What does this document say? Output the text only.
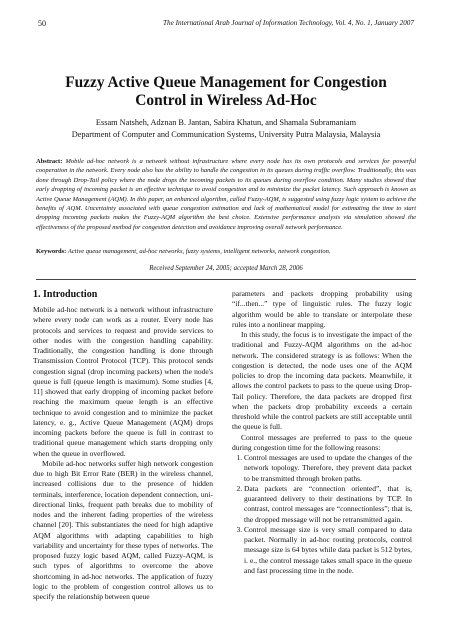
50	The International Arab Journal of Information Technology, Vol. 4, No. 1, January 2007
Fuzzy Active Queue Management for Congestion
Control in Wireless Ad-Hoc
Essam Natsheh, Adznan B. Jantan, Sabira Khatun, and Shamala Subramaniam
Department of Computer and Communication Systems, University Putra Malaysia, Malaysia
Abstract: Mobile ad-hoc network is a network without infrastructure where every node has its own protocols and services for powerful cooperation in the network. Every node also has the ability to handle the congestion in its queues during traffic overflow. Traditionally, this was done through Drop-Tail policy where the node drops the incoming packets to its queues during overflow condition. Many studies showed that early dropping of incoming packet is an effective technique to avoid congestion and to minimize the packet latency. Such approach is known as Active Queue Management (AQM). In this paper, an enhanced algorithm, called Fuzzy-AQM, is suggested using fuzzy logic system to achieve the benefits of AQM. Uncertainty associated with queue congestion estimation and lack of mathematical model for estimating the time to start dropping incoming packets makes the Fuzzy-AQM algorithm the best choice. Extensive performance analysis via simulation showed the effectiveness of the proposed method for congestion detection and avoidance improving overall network performance.
Keywords: Active queue management, ad-hoc networks, fuzzy systems, intelligent networks, network congestion.
Received September 24, 2005; accepted March 28, 2006
1. Introduction

Mobile ad-hoc network is a network without infrastructure where every node can work as a router. Every node has protocols and services to request and provide services to other nodes with the congestion handling capability. Traditionally, the congestion handling is done through Transmission Control Protocol (TCP). This protocol sends congestion signal (drop incoming packets) when the node's queue is full (queue length is maximum). Some studies [4, 11] showed that early dropping of incoming packet before reaching the maximum queue length is an effective technique to avoid congestion and to minimize the packet latency, e. g., Active Queue Management (AQM) drops incoming packets before the queue is full in contrast to traditional queue management which starts dropping only when the queue in overflowed.

Mobile ad-hoc networks suffer high network congestion due to high Bit Error Rate (BER) in the wireless channel, increased collisions due to the presence of hidden terminals, interference, location dependent connection, uni-directional links, frequent path breaks due to mobility of nodes and the inherent fading properties of the wireless channel [20]. This substantiates the need for high adaptive AQM algorithms with adapting capabilities to high variability and uncertainty for these types of networks. The proposed fuzzy logic based AQM, called Fuzzy-AQM, is such types of algorithms to overcome the above shortcoming in ad-hoc networks. The application of fuzzy logic to the problem of congestion control allows us to specify the relationship between queue

parameters and packets dropping probability using “if...then...” type of linguistic rules. The fuzzy logic algorithm would be able to translate or interpolate these rules into a nonlinear mapping.

In this study, the focus is to investigate the impact of the traditional and Fuzzy-AQM algorithms on the ad-hoc network. The considered strategy is as follows: When the congestion is detected, the node uses one of the AQM policies to drop the incoming data packets. Meanwhile, it allows the control packets to pass to the queue using Drop-Tail policy. Therefore, the data packets are dropped first when the packets drop probability exceeds a certain threshold while the control packets are still acceptable until the queue is full.

Control messages are preferred to pass to the queue during congestion time for the following reasons:

1. Control messages are used to update the changes of the network topology. Therefore, they prevent data packet to be transmitted through broken paths.
2. Data packets are “connection oriented”, that is, guaranteed delivery to their destinations by TCP. In contrast, control messages are “connectionless”; that is, the dropped message will not be retransmitted again.
3. Control message size is very small compared to data packet. Normally in ad-hoc routing protocols, control message size is 64 bytes while data packet is 512 bytes, i. e., the control message takes small space in the queue and fast processing time in the node.
